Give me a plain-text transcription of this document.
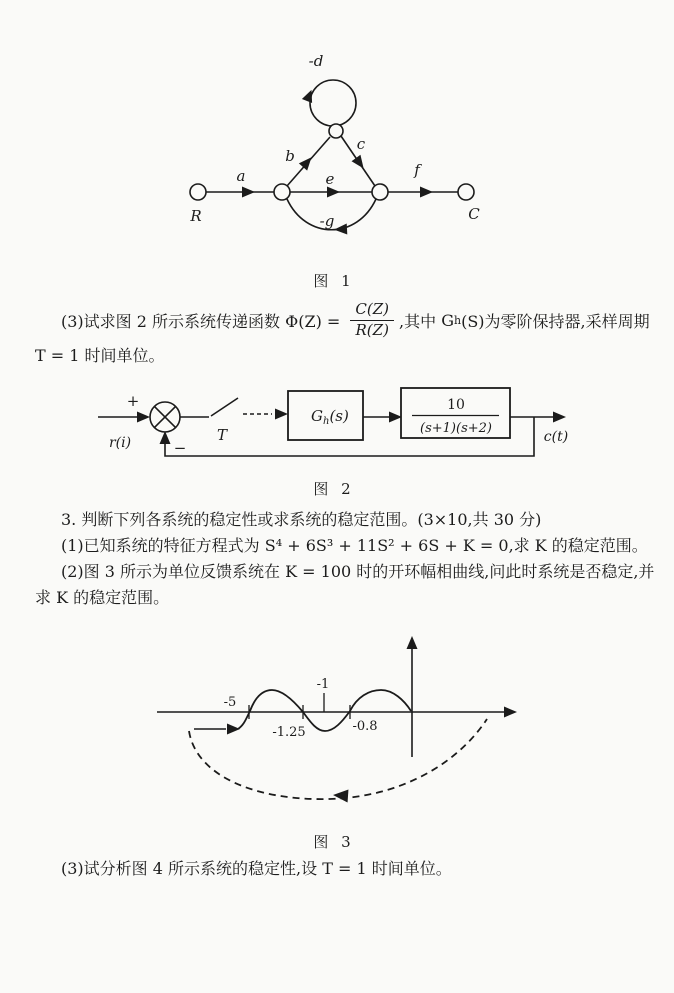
a
b
c
e	f
-d
-g
R	C
图 1
(3)试求图 2 所示系统传递函数 $\Phi(Z) = \frac{C(Z)}{R(Z)}$ ,其中 G h (S)为零阶保持器,采样周期
T = 1 时间单位。
+
r(i)	T
$G_h(s)$
10
(s+1)(s+2)
c(t)
−
图 2
3. 判断下列各系统的稳定性或求系统的稳定范围。(3×10,共 30 分)
(1)已知系统的特征方程式为 S⁴ + 6S³ + 11S² + 6S + K = 0,求 K 的稳定范围。
(2)图 3 所示为单位反馈系统在 K = 100 时的开环幅相曲线,问此时系统是否稳定,并
求 K 的稳定范围。
-5
-1
-1.25	-0.8
图 3
(3)试分析图 4 所示系统的稳定性,设 T = 1 时间单位。
